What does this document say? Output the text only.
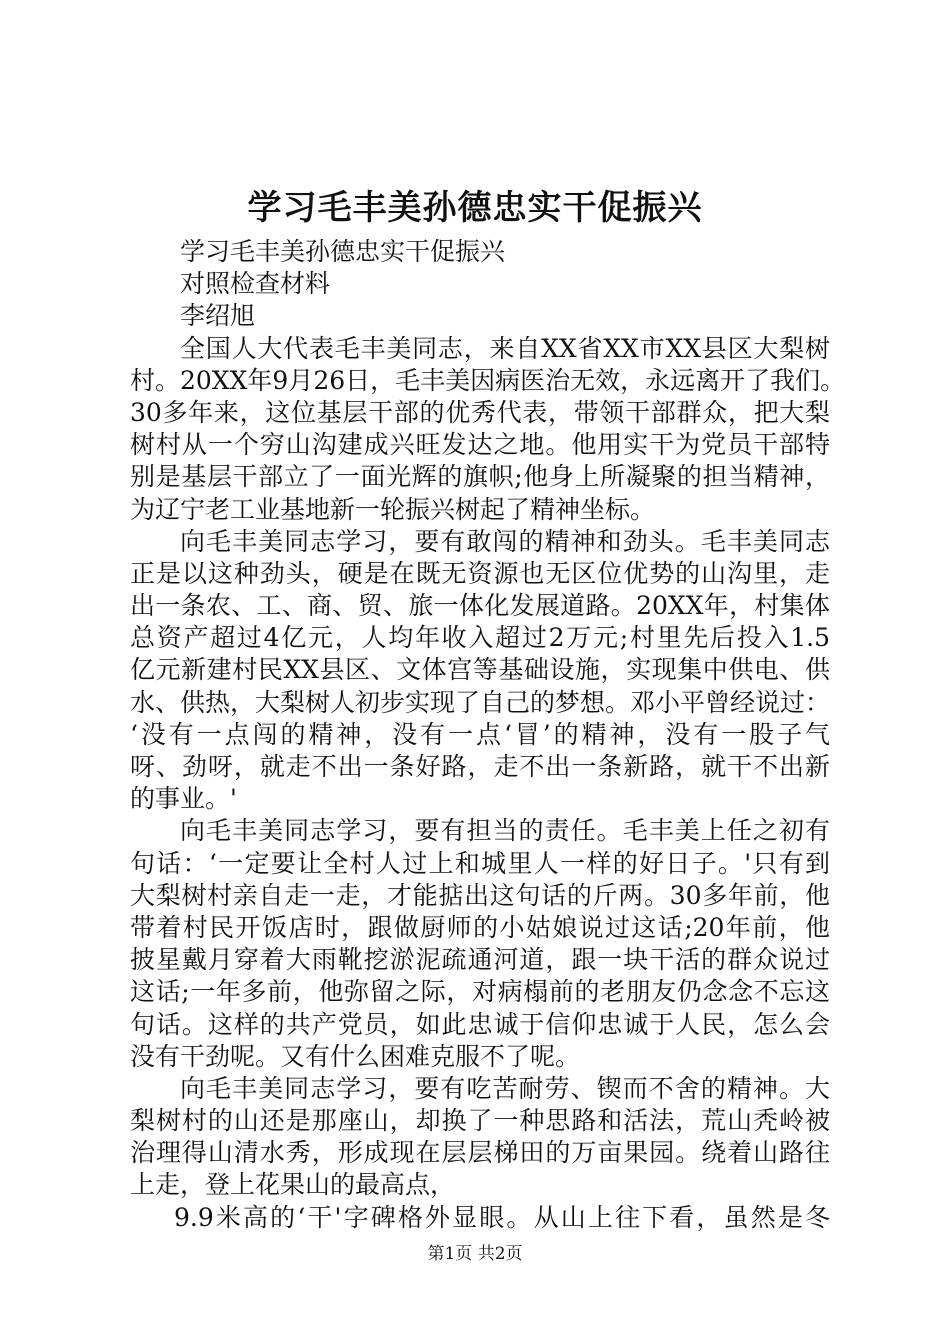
学习毛丰美孙德忠实干促振兴
学习毛丰美孙德忠实干促振兴
对照检查材料
李绍旭
全国人大代表毛丰美同志，来自XX省XX市XX县区大梨树
村。20XX年9月26日，毛丰美因病医治无效，永远离开了我们。
30多年来，这位基层干部的优秀代表，带领干部群众，把大梨
树村从一个穷山沟建成兴旺发达之地。他用实干为党员干部特
别是基层干部立了一面光辉的旗帜;他身上所凝聚的担当精神，
为辽宁老工业基地新一轮振兴树起了精神坐标。
向毛丰美同志学习，要有敢闯的精神和劲头。毛丰美同志
正是以这种劲头，硬是在既无资源也无区位优势的山沟里，走
出一条农、工、商、贸、旅一体化发展道路。20XX年，村集体
总资产超过4亿元，人均年收入超过2万元;村里先后投入1.5
亿元新建村民XX县区、文体宫等基础设施，实现集中供电、供
水、供热，大梨树人初步实现了自己的梦想。邓小平曾经说过：
‘没有一点闯的精神，没有一点‘冒’的精神，没有一股子气
呀、劲呀，就走不出一条好路，走不出一条新路，就干不出新
的事业。'
向毛丰美同志学习，要有担当的责任。毛丰美上任之初有
句话：‘一定要让全村人过上和城里人一样的好日子。'只有到
大梨树村亲自走一走，才能掂出这句话的斤两。30多年前，他
带着村民开饭店时，跟做厨师的小姑娘说过这话;20年前，他
披星戴月穿着大雨靴挖淤泥疏通河道，跟一块干活的群众说过
这话;一年多前，他弥留之际，对病榻前的老朋友仍念念不忘这
句话。这样的共产党员，如此忠诚于信仰忠诚于人民，怎么会
没有干劲呢。又有什么困难克服不了呢。
向毛丰美同志学习，要有吃苦耐劳、锲而不舍的精神。大
梨树村的山还是那座山，却换了一种思路和活法，荒山秃岭被
治理得山清水秀，形成现在层层梯田的万亩果园。绕着山路往
上走，登上花果山的最高点，
9.9米高的‘干'字碑格外显眼。从山上往下看，虽然是冬
第1页 共2页
